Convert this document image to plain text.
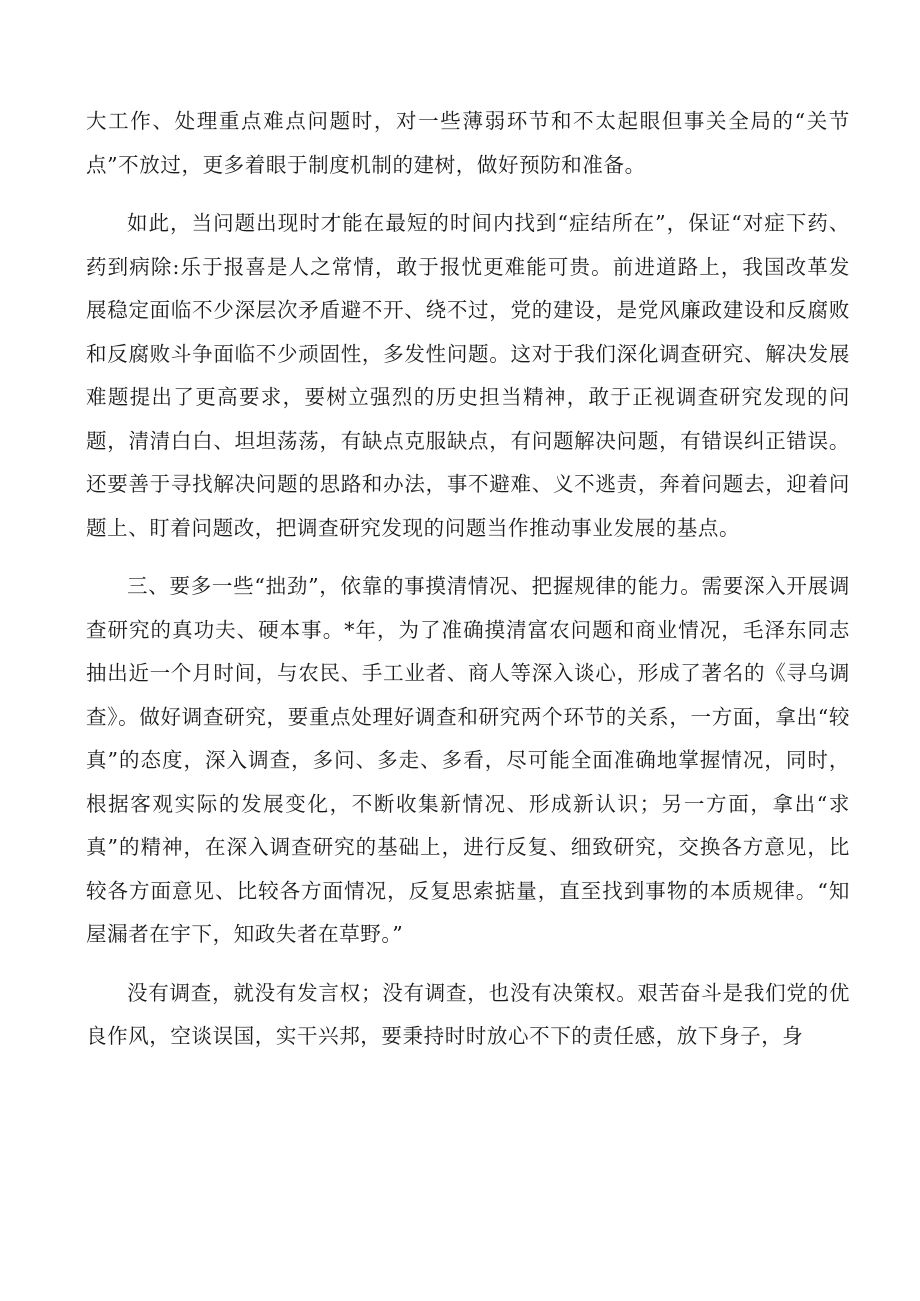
大工作、处理重点难点问题时，对一些薄弱环节和不太起眼但事关全局的“关节点”不放过，更多着眼于制度机制的建树，做好预防和准备。

如此，当问题出现时才能在最短的时间内找到“症结所在”，保证“对症下药、药到病除:乐于报喜是人之常情，敢于报忧更难能可贵。前进道路上，我国改革发展稳定面临不少深层次矛盾避不开、绕不过，党的建设，是党风廉政建设和反腐败和反腐败斗争面临不少顽固性，多发性问题。这对于我们深化调查研究、解决发展难题提出了更高要求，要树立强烈的历史担当精神，敢于正视调查研究发现的问题，清清白白、坦坦荡荡，有缺点克服缺点，有问题解决问题，有错误纠正错误。还要善于寻找解决问题的思路和办法，事不避难、义不逃责，奔着问题去，迎着问题上、盯着问题改，把调查研究发现的问题当作推动事业发展的基点。

三、要多一些“拙劲”，依靠的事摸清情况、把握规律的能力。需要深入开展调查研究的真功夫、硬本事。*年，为了准确摸清富农问题和商业情况，毛泽东同志抽出近一个月时间，与农民、手工业者、商人等深入谈心，形成了著名的《寻乌调查》。做好调查研究，要重点处理好调查和研究两个环节的关系，一方面，拿出“较真”的态度，深入调查，多问、多走、多看，尽可能全面准确地掌握情况，同时，根据客观实际的发展变化，不断收集新情况、形成新认识；另一方面，拿出“求真”的精神，在深入调查研究的基础上，进行反复、细致研究，交换各方意见，比较各方面意见、比较各方面情况，反复思索掂量，直至找到事物的本质规律。“知屋漏者在宇下，知政失者在草野。”

没有调查，就没有发言权；没有调查，也没有决策权。艰苦奋斗是我们党的优良作风，空谈误国，实干兴邦，要秉持时时放心不下的责任感，放下身子，身
